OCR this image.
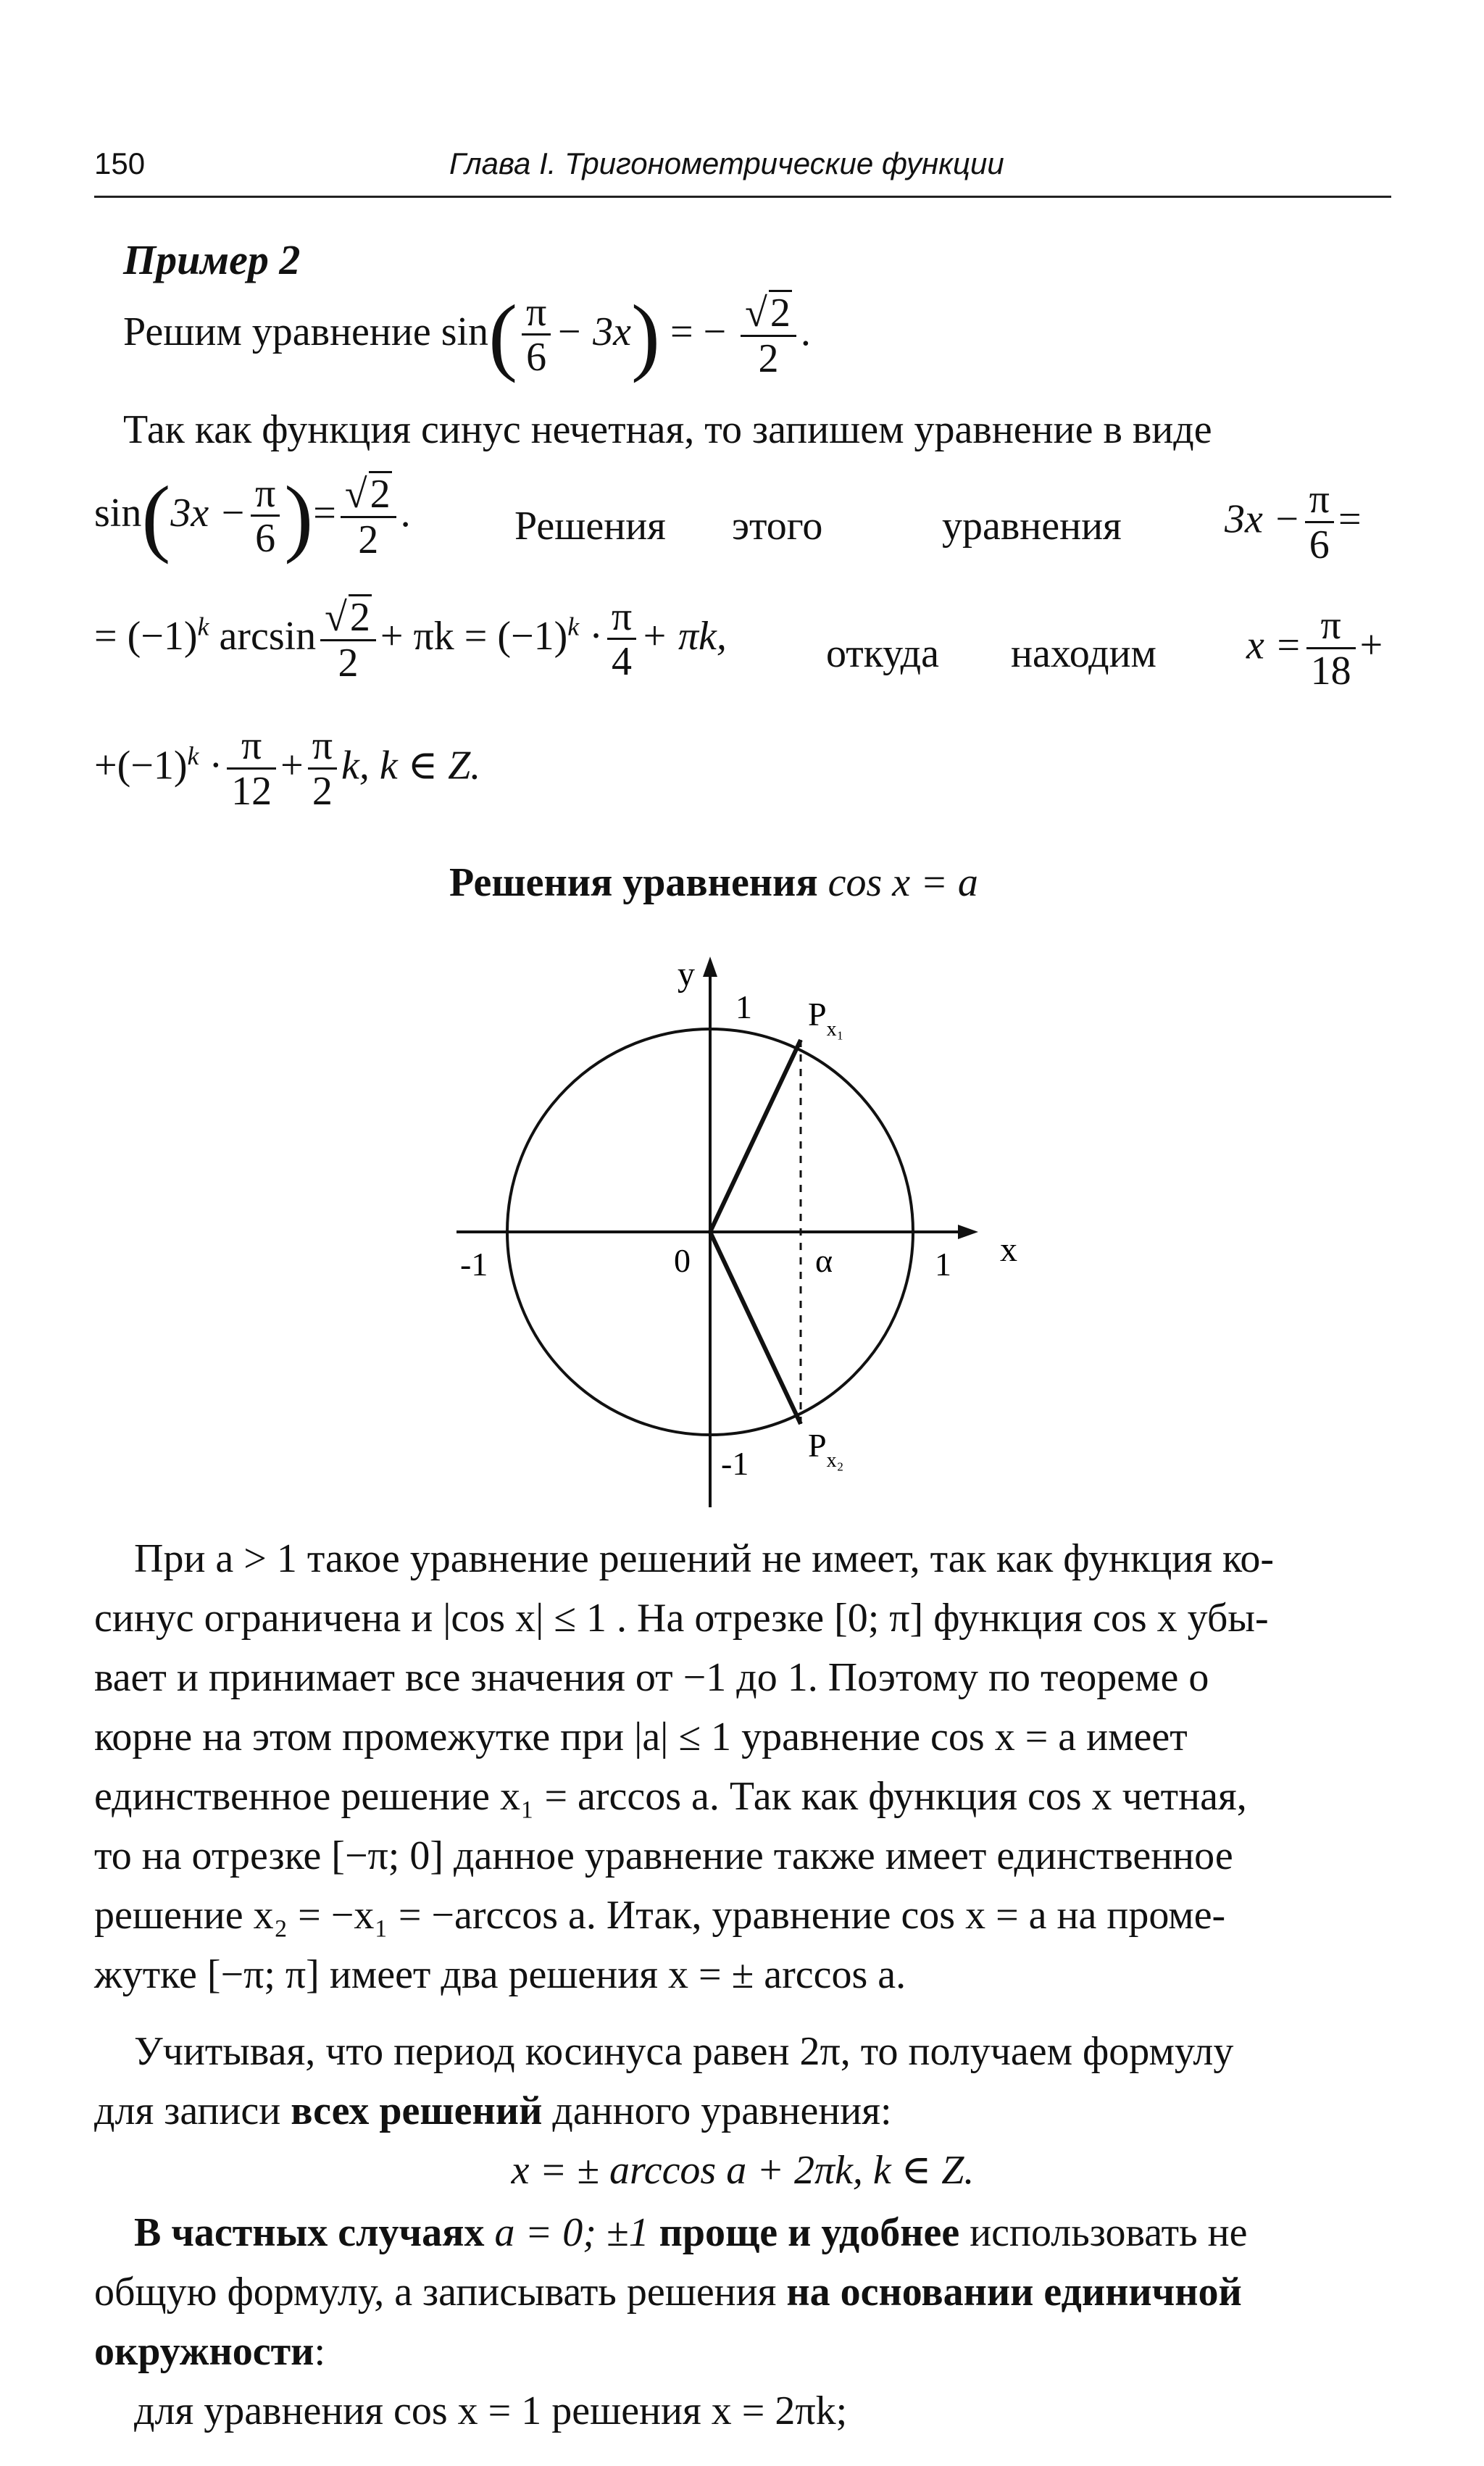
150	Глава I. Тригонометрические функции
Пример 2
Решим уравнение $\sin( \frac{\pi}{6} - 3x)$ = − $\frac{√2}{2}$ .
Так как функция синус нечетная, то запишем уравнение в виде
$\sin(3x - \frac{\pi}{6}$ )= $\frac{√2}{2}$ .	Решения этого	уравнения	$3x - \frac{\pi}{6}$ =
= $(-1)^k$ $\arcsin \frac{√2}{2} + \pi k = (-1)^k \cdot \frac{\pi}{4} + \pi k$, откуда находим $x = \frac{\pi}{18}$ +
$+(-1)^k \cdot \frac{\pi}{12} + \frac{\pi}{2} k$, k ∈ Z.
Решения уравнения cos x = a
y
x
1
-1	0	α	1
-1
$P_{x_1}$
$P_{x_2}$
При a > 1 такое уравнение решений не имеет, так как функция ко-
синус ограничена и |cos x| ≤ 1 . На отрезке [0; π] функция cos x убы-
вает и принимает все значения от −1 до 1. Поэтому по теореме о
корне на этом промежутке при |a| ≤ 1 уравнение cos x = a имеет
единственное решение x₁ = arccos a. Так как функция cos x четная,
то на отрезке [−π; 0] данное уравнение также имеет единственное
решение x₂ = −x₁ = −arccos a. Итак, уравнение cos x = a на проме-
жутке [−π; π] имеет два решения x = ± arccos a.
Учитывая, что период косинуса равен 2π, то получаем формулу
для записи всех решений данного уравнения:
x = ± arccos a + 2πk, k ∈ Z.
В частных случаях a = 0; ±1 проще и удобнее использовать не
общую формулу, а записывать решения на основании единичной
окружности:
для уравнения cos x = 1 решения x = 2πk;
